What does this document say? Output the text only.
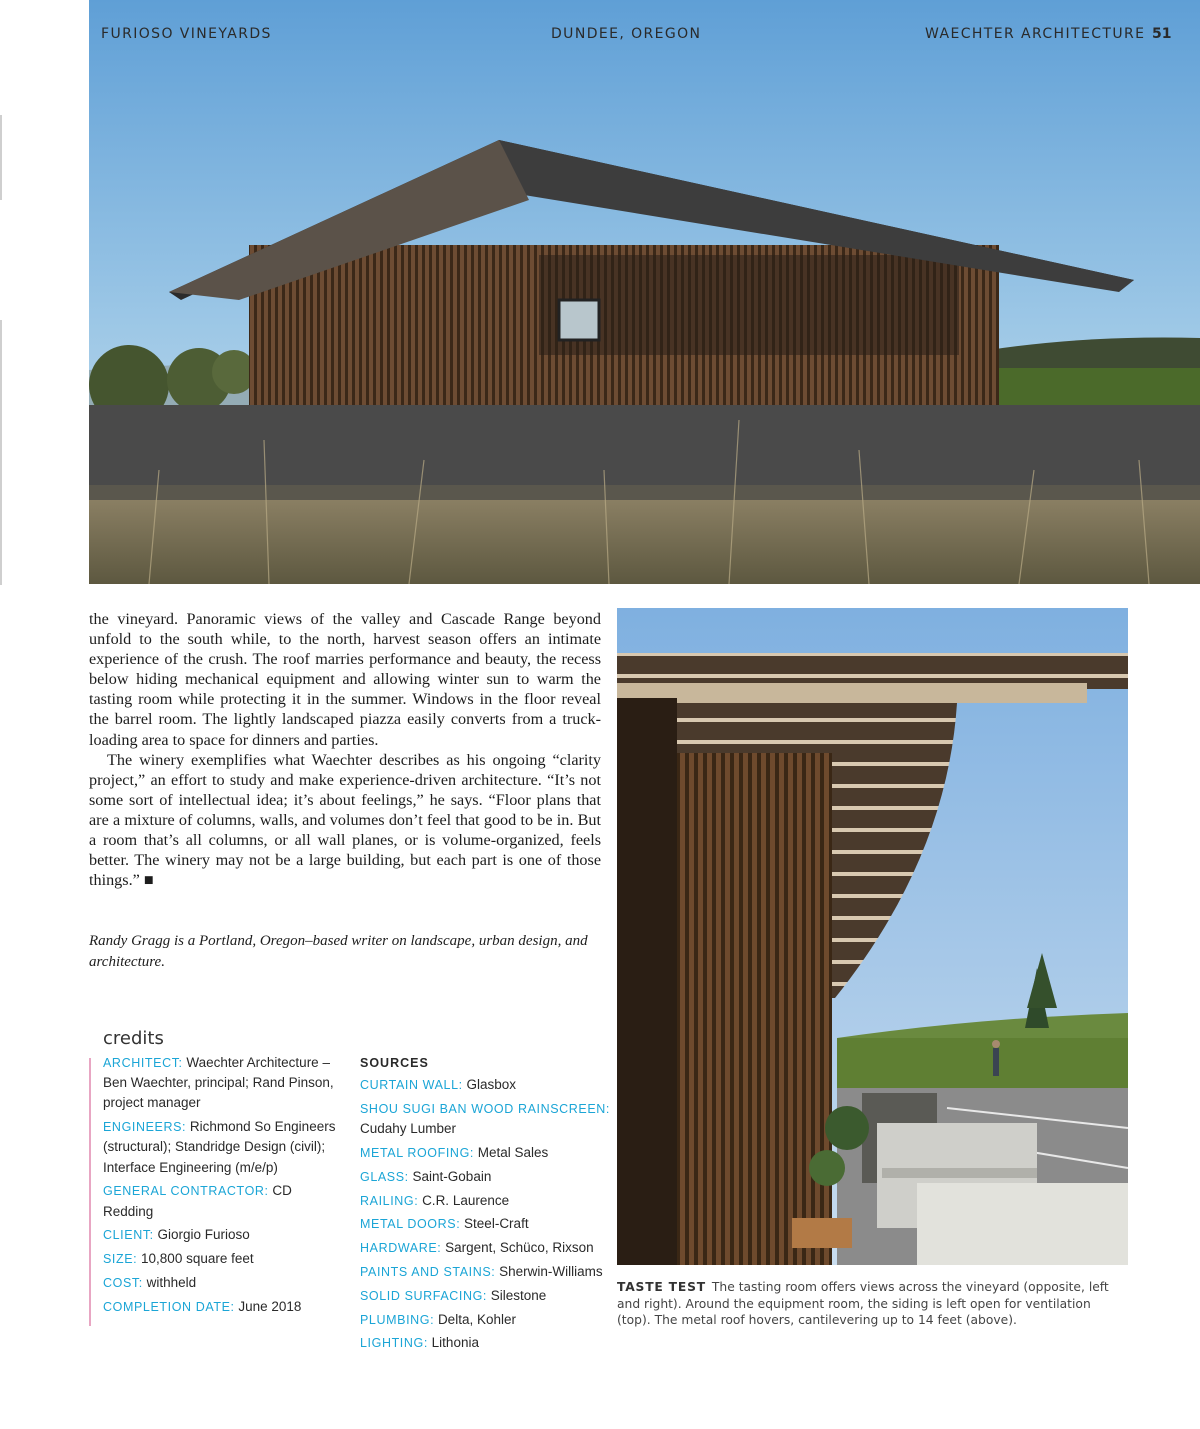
FURIOSO VINEYARDS	DUNDEE, OREGON	WAECHTER ARCHITECTURE 51

the vineyard. Panoramic views of the valley and Cascade Range beyond unfold to the south while, to the north, harvest season offers an intimate experience of the crush. The roof marries performance and beauty, the recess below hiding mechanical equipment and allowing winter sun to warm the tasting room while protecting it in the summer. Windows in the floor reveal the barrel room. The lightly landscaped piazza easily converts from a truck-loading area to space for dinners and parties.

The winery exemplifies what Waechter describes as his ongoing “clarity project,” an effort to study and make experience-driven architecture. “It’s not some sort of intellectual idea; it’s about feelings,” he says. “Floor plans that are a mixture of columns, walls, and volumes don’t feel that good to be in. But a room that’s all columns, or all wall planes, or is volume-organized, feels better. The winery may not be a large building, but each part is one of those things.” ■

Randy Gragg is a Portland, Oregon–based writer on landscape, urban design, and architecture.
credits
ARCHITECT: Waechter Architecture – Ben Waechter, principal; Rand Pinson, project manager
ENGINEERS: Richmond So Engineers (structural); Standridge Design (civil); Interface Engineering (m/e/p)
GENERAL CONTRACTOR: CD Redding
CLIENT: Giorgio Furioso
SIZE: 10,800 square feet
COST: withheld
COMPLETION DATE: June 2018
SOURCES
CURTAIN WALL: Glasbox
SHOU SUGI BAN WOOD RAINSCREEN: Cudahy Lumber
METAL ROOFING: Metal Sales
GLASS: Saint-Gobain
RAILING: C.R. Laurence
METAL DOORS: Steel-Craft
HARDWARE: Sargent, Schüco, Rixson
PAINTS AND STAINS: Sherwin-Williams
SOLID SURFACING: Silestone
PLUMBING: Delta, Kohler
LIGHTING: Lithonia
TASTE TEST The tasting room offers views across the vineyard (opposite, left and right). Around the equipment room, the siding is left open for ventilation (top). The metal roof hovers, cantilevering up to 14 feet (above).
